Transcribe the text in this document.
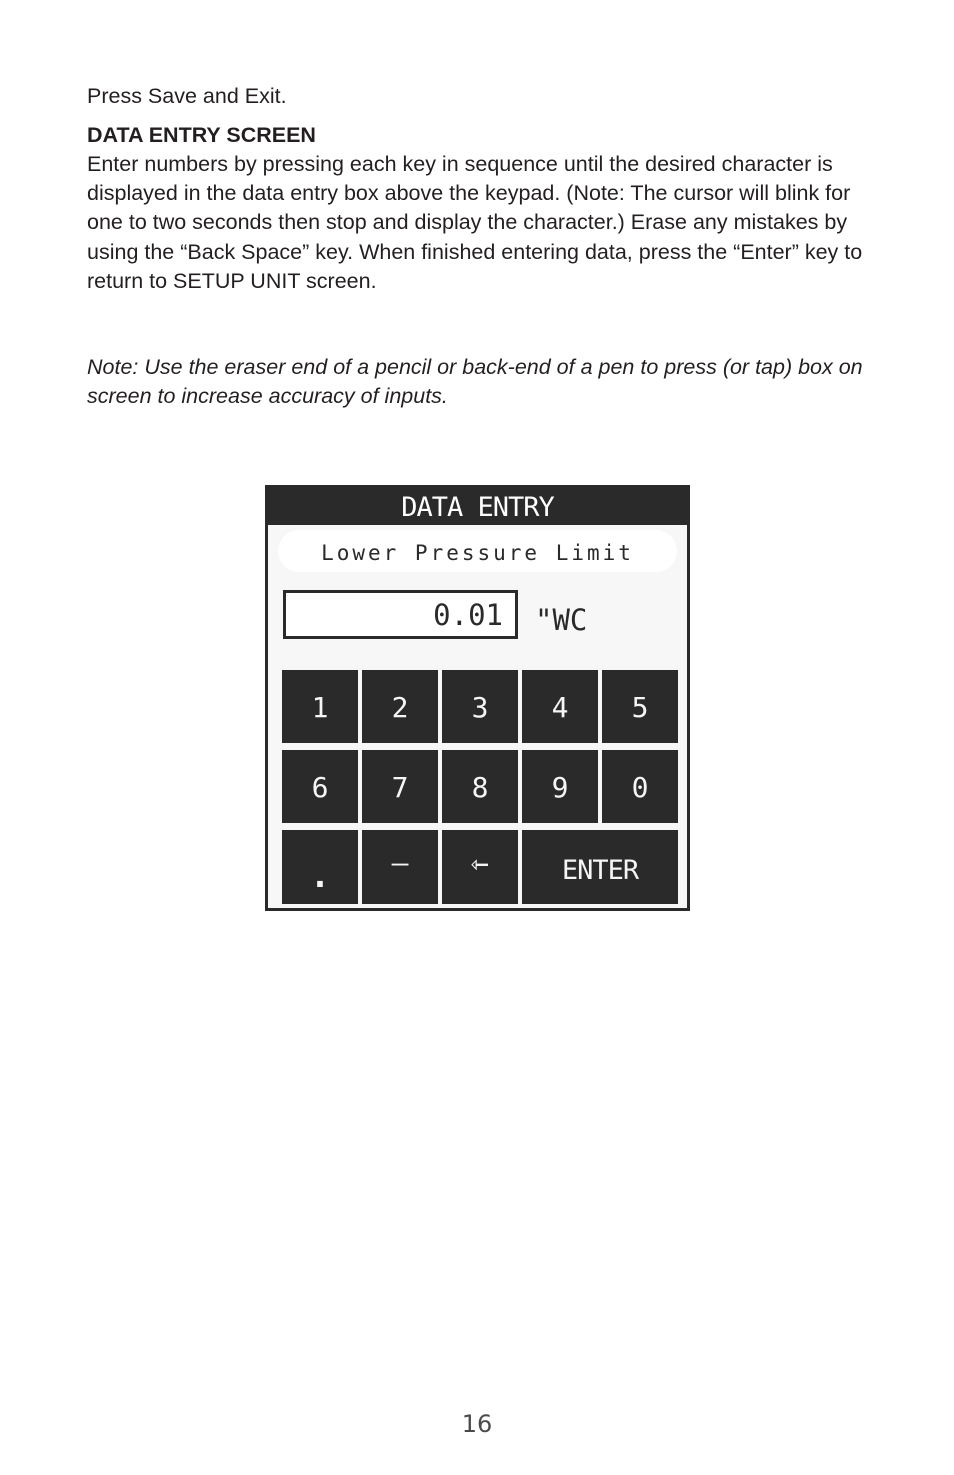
Press Save and Exit.
DATA ENTRY SCREEN
Enter numbers by pressing each key in sequence until the desired character is displayed in the data entry box above the keypad. (Note: The cursor will blink for one to two seconds then stop and display the character.) Erase any mistakes by using the “Back Space” key. When finished entering data, press the “Enter” key to return to SETUP UNIT screen.
Note: Use the eraser end of a pencil or back-end of a pen to press (or tap) box on screen to increase accuracy of inputs.
DATA ENTRY
Lower Pressure Limit
0.01	"WC
1	2	3	4	5
6	7	8	9	0
.	–	⇽	ENTER
16
